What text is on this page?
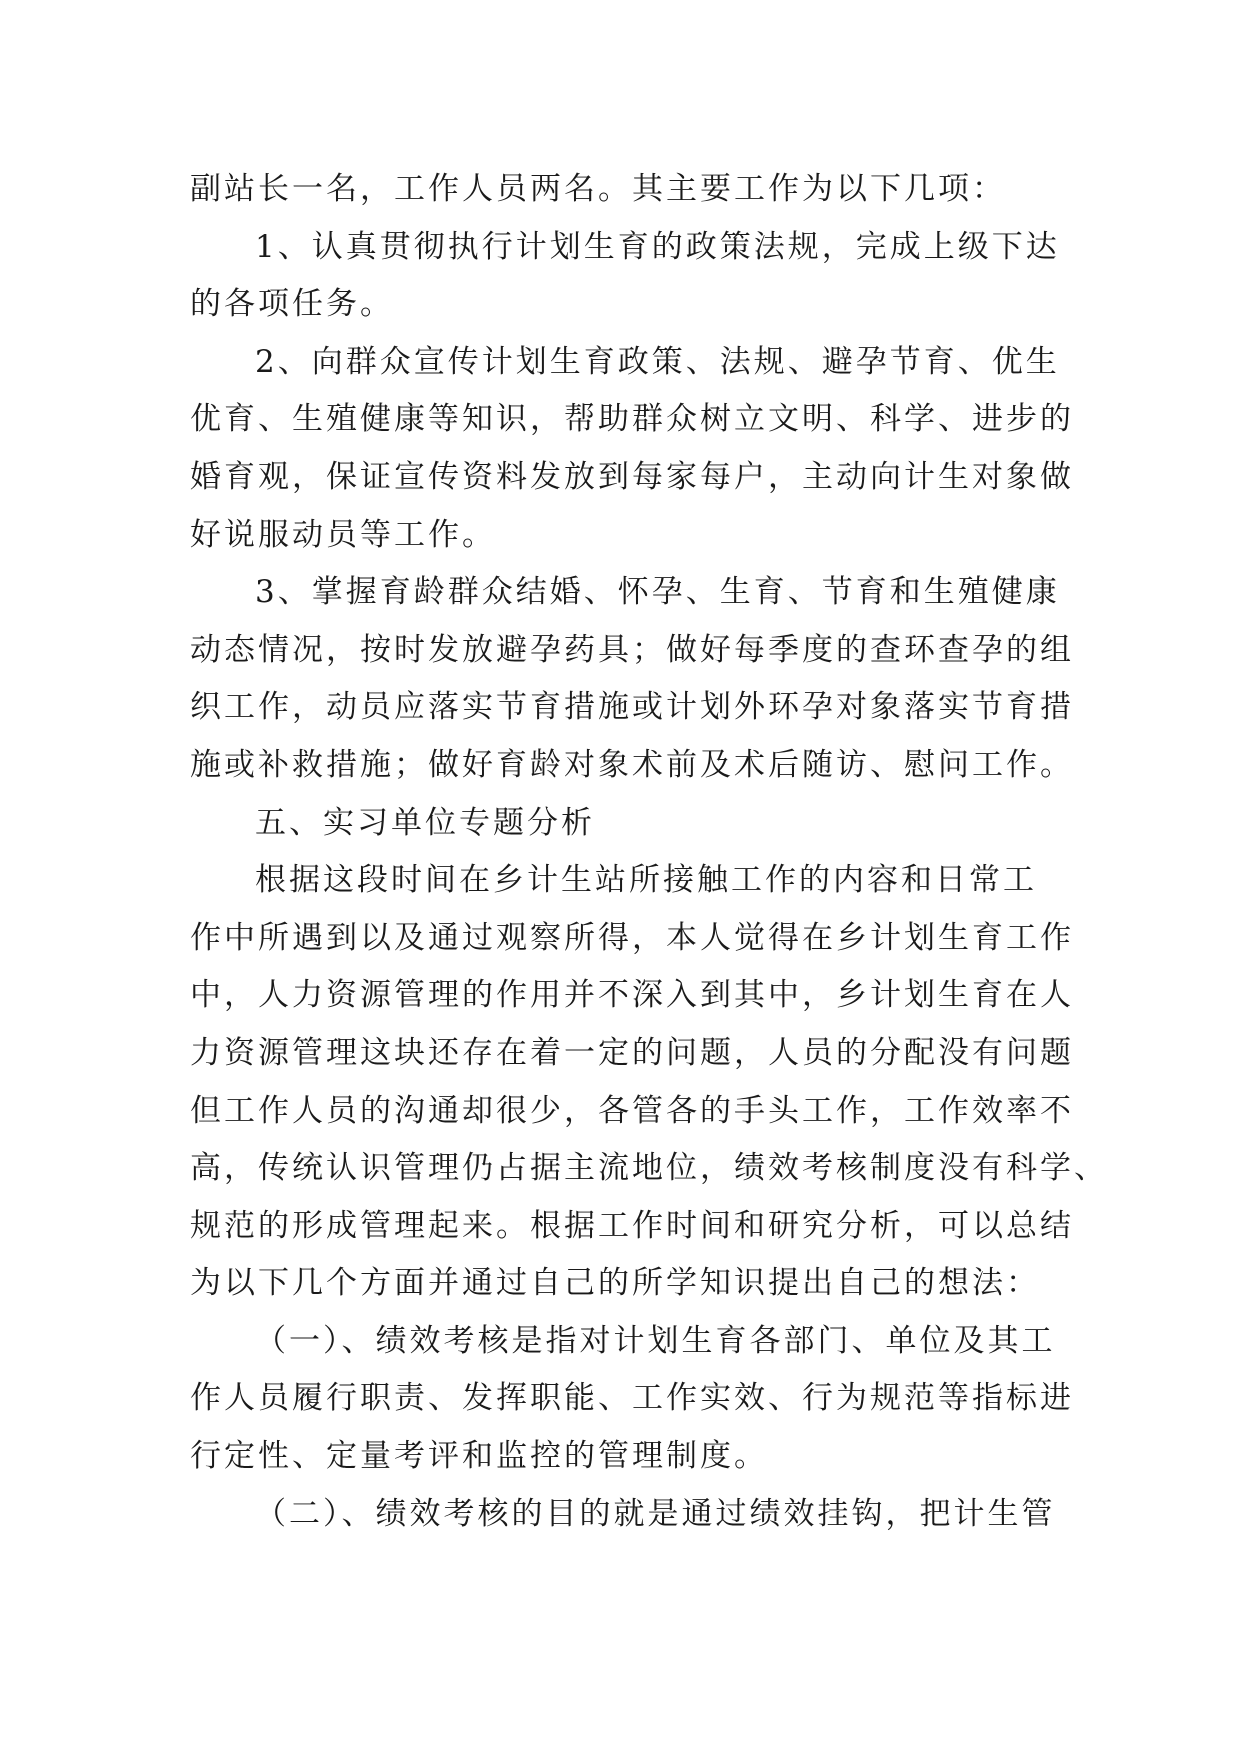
副站长一名，工作人员两名。其主要工作为以下几项：
1、认真贯彻执行计划生育的政策法规，完成上级下达
的各项任务。
2、向群众宣传计划生育政策、法规、避孕节育、优生
优育、生殖健康等知识，帮助群众树立文明、科学、进步的
婚育观，保证宣传资料发放到每家每户，主动向计生对象做
好说服动员等工作。
3、掌握育龄群众结婚、怀孕、生育、节育和生殖健康
动态情况，按时发放避孕药具；做好每季度的查环查孕的组
织工作，动员应落实节育措施或计划外环孕对象落实节育措
施或补救措施；做好育龄对象术前及术后随访、慰问工作。
五、实习单位专题分析
根据这段时间在乡计生站所接触工作的内容和日常工
作中所遇到以及通过观察所得，本人觉得在乡计划生育工作
中，人力资源管理的作用并不深入到其中，乡计划生育在人
力资源管理这块还存在着一定的问题，人员的分配没有问题
但工作人员的沟通却很少，各管各的手头工作，工作效率不
高，传统认识管理仍占据主流地位，绩效考核制度没有科学、
规范的形成管理起来。根据工作时间和研究分析，可以总结
为以下几个方面并通过自己的所学知识提出自己的想法：
（一）、绩效考核是指对计划生育各部门、单位及其工
作人员履行职责、发挥职能、工作实效、行为规范等指标进
行定性、定量考评和监控的管理制度。
（二）、绩效考核的目的就是通过绩效挂钩，把计生管
